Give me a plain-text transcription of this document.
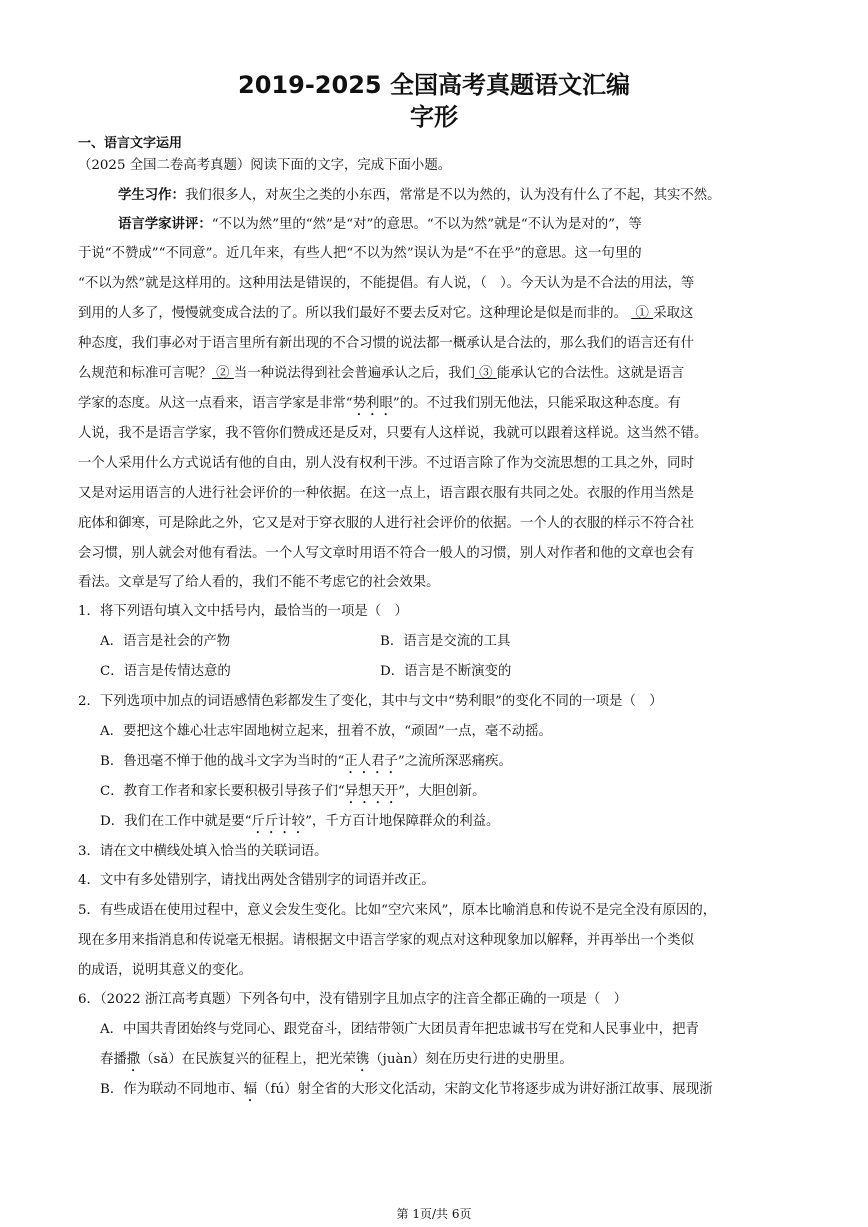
2019-2025 全国高考真题语文汇编
字形
一、语言文字运用
（2025 全国二卷高考真题）阅读下面的文字，完成下面小题。
学生习作：我们很多人，对灰尘之类的小东西，常常是不以为然的，认为没有什么了不起，其实不然。
语言学家讲评：“不以为然”里的“然”是“对”的意思。“不以为然”就是“不认为是对的”，等
于说“不赞成”“不同意”。近几年来，有些人把“不以为然”误认为是“不在乎”的意思。这一句里的
“不以为然”就是这样用的。这种用法是错误的，不能提倡。有人说，（　）。今天认为是不合法的用法，等
到用的人多了，慢慢就变成合法的了。所以我们最好不要去反对它。这种理论是似是而非的。 ① 采取这
种态度，我们事必对于语言里所有新出现的不合习惯的说法都一概承认是合法的，那么我们的语言还有什
么规范和标准可言呢？ ② 当一种说法得到社会普遍承认之后，我们 ③ 能承认它的合法性。这就是语言
学家的态度。从这一点看来，语言学家是非常“势利眼”的。不过我们别无他法，只能采取这种态度。有
人说，我不是语言学家，我不管你们赞成还是反对，只要有人这样说，我就可以跟着这样说。这当然不错。
一个人采用什么方式说话有他的自由，别人没有权利干涉。不过语言除了作为交流思想的工具之外，同时
又是对运用语言的人进行社会评价的一种依据。在这一点上，语言跟衣服有共同之处。衣服的作用当然是
庇体和御寒，可是除此之外，它又是对于穿衣服的人进行社会评价的依据。一个人的衣服的样示不符合社
会习惯，别人就会对他有看法。一个人写文章时用语不符合一般人的习惯，别人对作者和他的文章也会有
看法。文章是写了给人看的，我们不能不考虑它的社会效果。
1．将下列语句填入文中括号内，最恰当的一项是（　）
A．语言是社会的产物	B．语言是交流的工具
C．语言是传情达意的	D．语言是不断演变的
2．下列选项中加点的词语感情色彩都发生了变化，其中与文中“势利眼”的变化不同的一项是（　）
A．要把这个雄心壮志牢固地树立起来，扭着不放，“顽固”一点，毫不动摇。
B．鲁迅毫不惮于他的战斗文字为当时的“正人君子”之流所深恶痛疾。
C．教育工作者和家长要积极引导孩子们“异想天开”，大胆创新。
D．我们在工作中就是要“斤斤计较”，千方百计地保障群众的利益。
3．请在文中横线处填入恰当的关联词语。
4．文中有多处错别字，请找出两处含错别字的词语并改正。
5．有些成语在使用过程中，意义会发生变化。比如“空穴来风”，原本比喻消息和传说不是完全没有原因的，
现在多用来指消息和传说毫无根据。请根据文中语言学家的观点对这种现象加以解释，并再举出一个类似
的成语，说明其意义的变化。
6．（2022 浙江高考真题）下列各句中，没有错别字且加点字的注音全都正确的一项是（　）
A．中国共青团始终与党同心、跟党奋斗，团结带领广大团员青年把忠诚书写在党和人民事业中，把青
春播撒（sǎ）在民族复兴的征程上，把光荣镌（juàn）刻在历史行进的史册里。
B．作为联动不同地市、辐（fú）射全省的大形文化活动，宋韵文化节将逐步成为讲好浙江故事、展现浙
第 1页/共 6页
